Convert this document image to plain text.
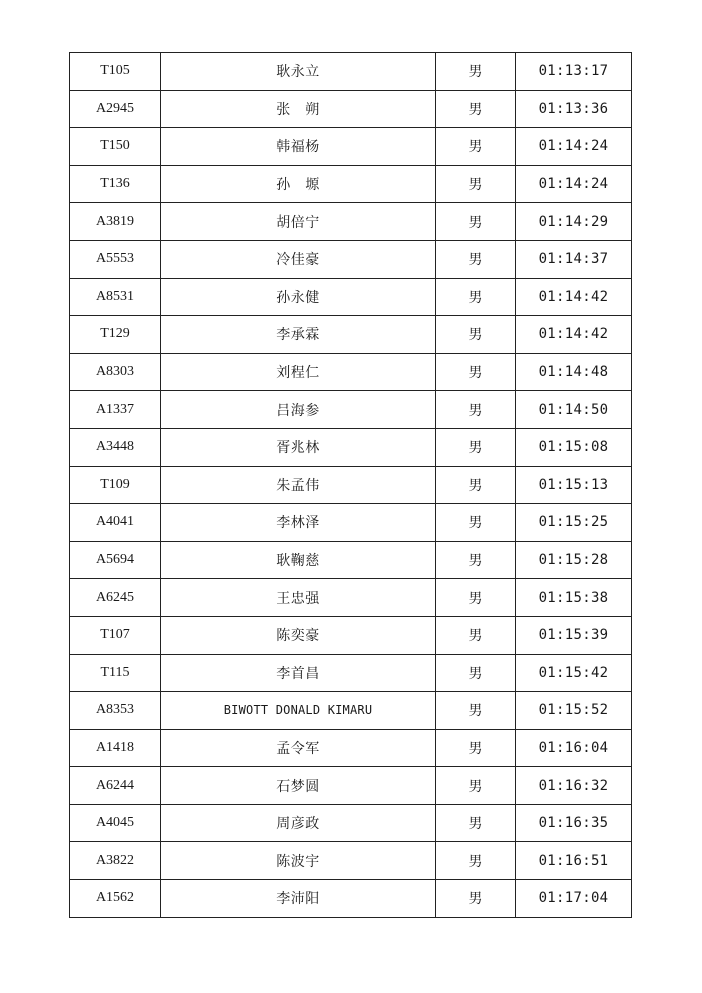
T105	耿永立	男	01:13:17
A2945	张　朔	男	01:13:36
T150	韩福杨	男	01:14:24
T136	孙　塬	男	01:14:24
A3819	胡倍宁	男	01:14:29
A5553	冷佳豪	男	01:14:37
A8531	孙永健	男	01:14:42
T129	李承霖	男	01:14:42
A8303	刘程仁	男	01:14:48
A1337	吕海参	男	01:14:50
A3448	胥兆林	男	01:15:08
T109	朱孟伟	男	01:15:13
A4041	李林泽	男	01:15:25
A5694	耿鞠慈	男	01:15:28
A6245	王忠强	男	01:15:38
T107	陈奕豪	男	01:15:39
T115	李首昌	男	01:15:42
A8353	BIWOTT DONALD KIMARU	男	01:15:52
A1418	孟令军	男	01:16:04
A6244	石梦圆	男	01:16:32
A4045	周彦政	男	01:16:35
A3822	陈波宇	男	01:16:51
A1562	李沛阳	男	01:17:04
